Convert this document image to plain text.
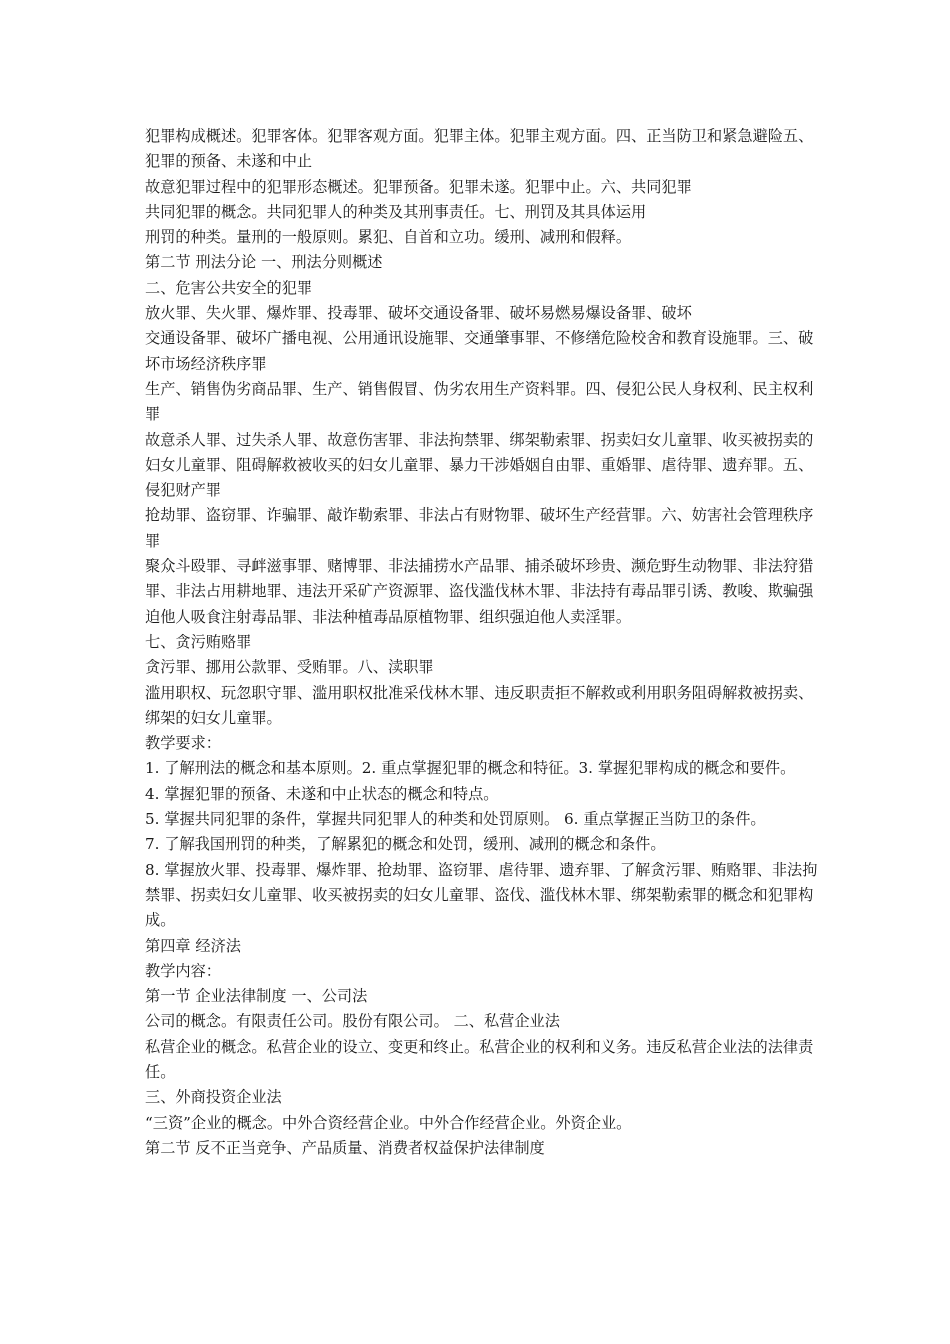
犯罪构成概述。犯罪客体。犯罪客观方面。犯罪主体。犯罪主观方面。四、正当防卫和紧急避险五、犯罪的预备、未遂和中止

故意犯罪过程中的犯罪形态概述。犯罪预备。犯罪未遂。犯罪中止。六、共同犯罪

共同犯罪的概念。共同犯罪人的种类及其刑事责任。七、刑罚及其具体运用

刑罚的种类。量刑的一般原则。累犯、自首和立功。缓刑、减刑和假释。

第二节 刑法分论 一、刑法分则概述

二、危害公共安全的犯罪

放火罪、失火罪、爆炸罪、投毒罪、破坏交通设备罪、破坏易燃易爆设备罪、破坏

交通设备罪、破坏广播电视、公用通讯设施罪、交通肇事罪、不修缮危险校舍和教育设施罪。三、破坏市场经济秩序罪

生产、销售伪劣商品罪、生产、销售假冒、伪劣农用生产资料罪。四、侵犯公民人身权利、民主权利罪

故意杀人罪、过失杀人罪、故意伤害罪、非法拘禁罪、绑架勒索罪、拐卖妇女儿童罪、收买被拐卖的妇女儿童罪、阻碍解救被收买的妇女儿童罪、暴力干涉婚姻自由罪、重婚罪、虐待罪、遗弃罪。五、侵犯财产罪

抢劫罪、盗窃罪、诈骗罪、敲诈勒索罪、非法占有财物罪、破坏生产经营罪。六、妨害社会管理秩序罪

聚众斗殴罪、寻衅滋事罪、赌博罪、非法捕捞水产品罪、捕杀破坏珍贵、濒危野生动物罪、非法狩猎罪、非法占用耕地罪、违法开采矿产资源罪、盗伐滥伐林木罪、非法持有毒品罪引诱、教唆、欺骗强迫他人吸食注射毒品罪、非法种植毒品原植物罪、组织强迫他人卖淫罪。

七、贪污贿赂罪

贪污罪、挪用公款罪、受贿罪。八、渎职罪

滥用职权、玩忽职守罪、滥用职权批准采伐林木罪、违反职责拒不解救或利用职务阻碍解救被拐卖、绑架的妇女儿童罪。

教学要求：

1. 了解刑法的概念和基本原则。2. 重点掌握犯罪的概念和特征。3. 掌握犯罪构成的概念和要件。

4. 掌握犯罪的预备、未遂和中止状态的概念和特点。

5. 掌握共同犯罪的条件，掌握共同犯罪人的种类和处罚原则。 6. 重点掌握正当防卫的条件。

7. 了解我国刑罚的种类，了解累犯的概念和处罚，缓刑、减刑的概念和条件。

8. 掌握放火罪、投毒罪、爆炸罪、抢劫罪、盗窃罪、虐待罪、遗弃罪、了解贪污罪、贿赂罪、非法拘禁罪、拐卖妇女儿童罪、收买被拐卖的妇女儿童罪、盗伐、滥伐林木罪、绑架勒索罪的概念和犯罪构成。

第四章 经济法

教学内容：

第一节 企业法律制度 一、公司法

公司的概念。有限责任公司。股份有限公司。 二、私营企业法

私营企业的概念。私营企业的设立、变更和终止。私营企业的权利和义务。违反私营企业法的法律责任。

三、外商投资企业法

“三资”企业的概念。中外合资经营企业。中外合作经营企业。外资企业。

第二节 反不正当竞争、产品质量、消费者权益保护法律制度
